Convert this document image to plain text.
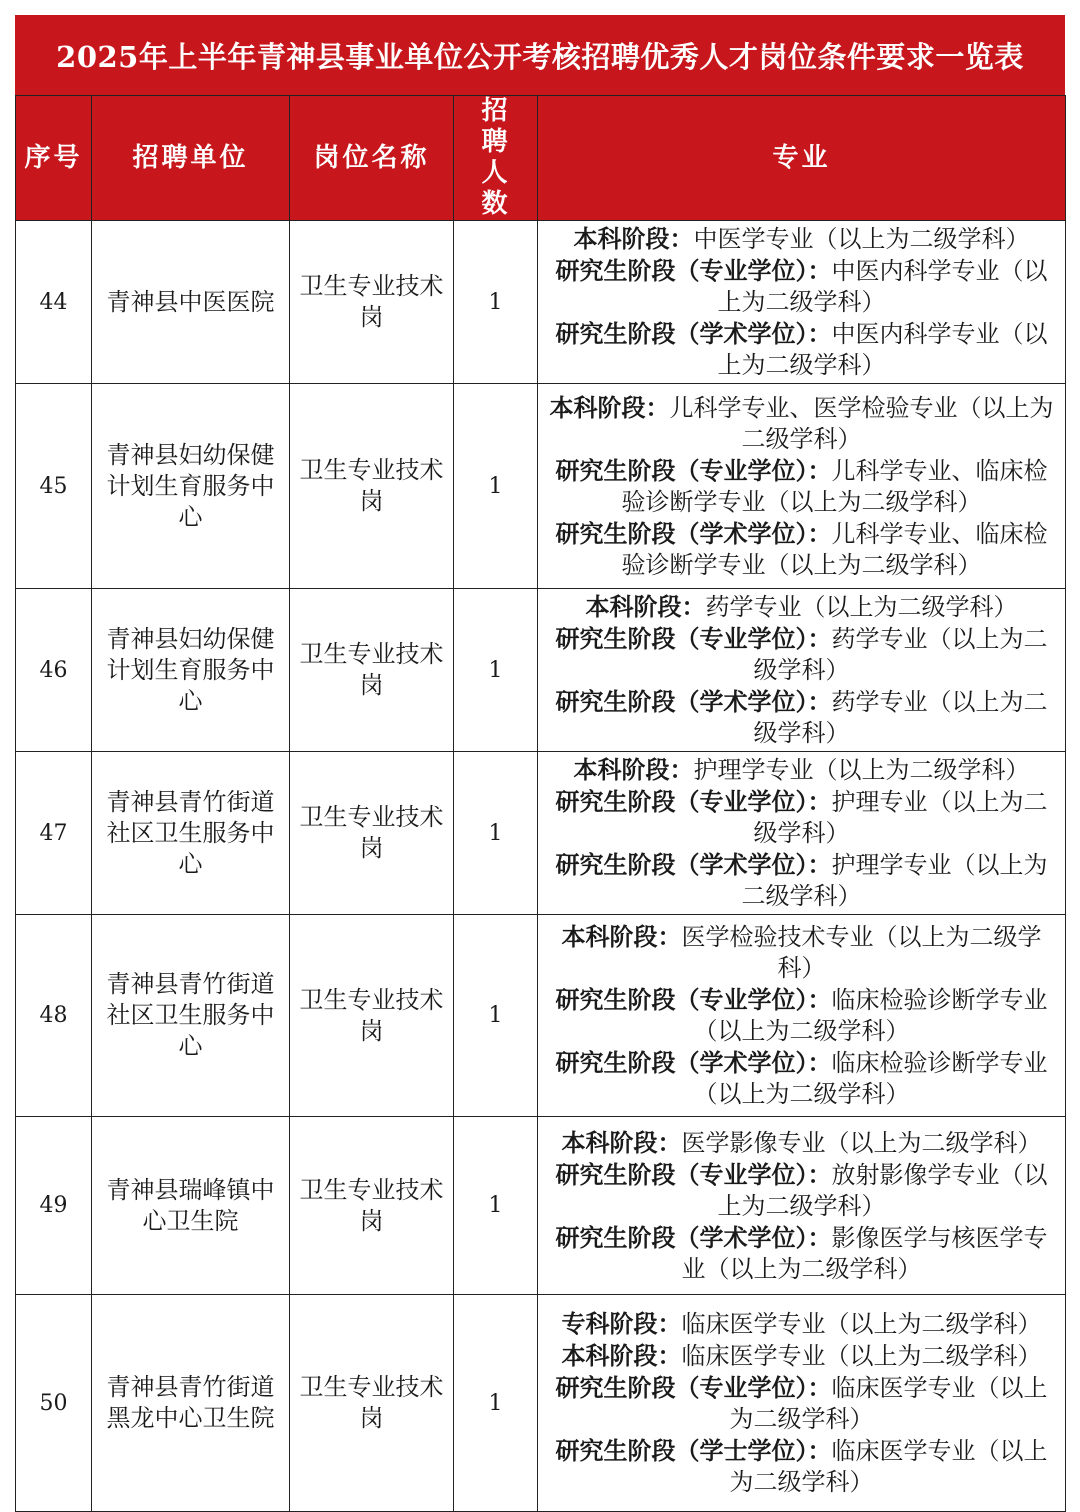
2025年上半年青神县事业单位公开考核招聘优秀人才岗位条件要求一览表
序号	招聘单位	岗位名称	招聘人数	专业
44	青神县中医医院	卫生专业技术岗	1	本科阶段：中医学专业（以上为二级学科）
研究生阶段（专业学位）：中医内科学专业（以上为二级学科）
研究生阶段（学术学位）：中医内科学专业（以上为二级学科）

45	青神县妇幼保健计划生育服务中心	卫生专业技术岗	1	本科阶段：儿科学专业、医学检验专业（以上为二级学科）
研究生阶段（专业学位）：儿科学专业、临床检验诊断学专业（以上为二级学科）
研究生阶段（学术学位）：儿科学专业、临床检验诊断学专业（以上为二级学科）

46	青神县妇幼保健计划生育服务中心	卫生专业技术岗	1	本科阶段：药学专业（以上为二级学科）
研究生阶段（专业学位）：药学专业（以上为二级学科）
研究生阶段（学术学位）：药学专业（以上为二级学科）

47	青神县青竹街道社区卫生服务中心	卫生专业技术岗	1	本科阶段：护理学专业（以上为二级学科）
研究生阶段（专业学位）：护理专业（以上为二级学科）
研究生阶段（学术学位）：护理学专业（以上为二级学科）

48	青神县青竹街道社区卫生服务中心	卫生专业技术岗	1	本科阶段：医学检验技术专业（以上为二级学科）
研究生阶段（专业学位）：临床检验诊断学专业（以上为二级学科）
研究生阶段（学术学位）：临床检验诊断学专业（以上为二级学科）

49	青神县瑞峰镇中心卫生院	卫生专业技术岗	1	本科阶段：医学影像专业（以上为二级学科）
研究生阶段（专业学位）：放射影像学专业（以上为二级学科）
研究生阶段（学术学位）：影像医学与核医学专业（以上为二级学科）

50	青神县青竹街道黑龙中心卫生院	卫生专业技术岗	1	专科阶段：临床医学专业（以上为二级学科）
本科阶段：临床医学专业（以上为二级学科）
研究生阶段（专业学位）：临床医学专业（以上为二级学科）
研究生阶段（学士学位）：临床医学专业（以上为二级学科）
